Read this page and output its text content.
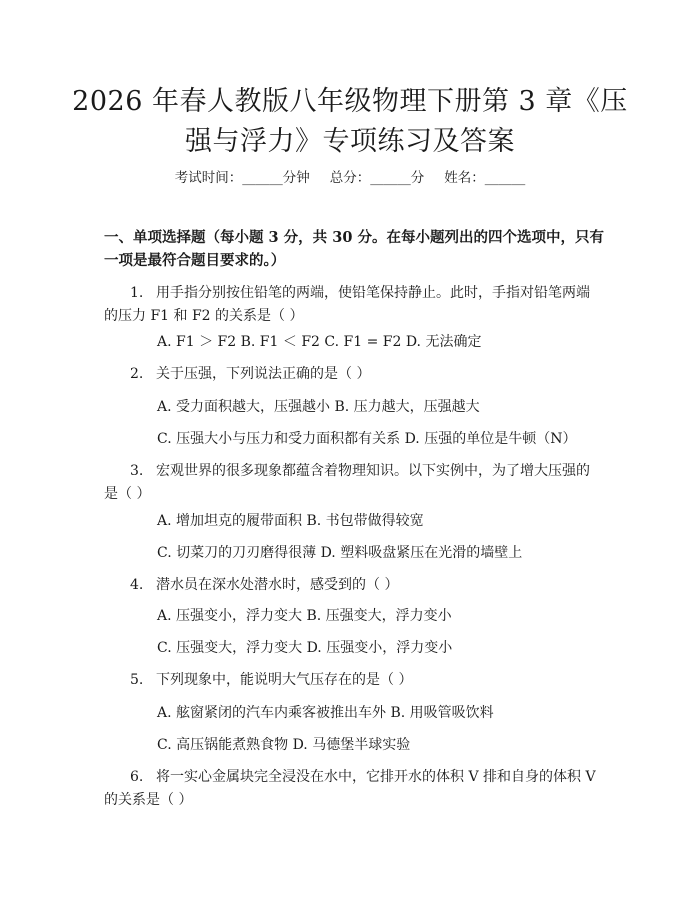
2026 年春人教版八年级物理下册第 3 章《压
强与浮力》专项练习及答案
考试时间：______分钟 总分：______分 姓名：______
一、单项选择题（每小题 3 分，共 30 分。在每小题列出的四个选项中，只有一项是最符合题目要求的。）
1. 用手指分别按住铅笔的两端，使铅笔保持静止。此时，手指对铅笔两端的压力 F1 和 F2 的关系是（ ）
A. F1 ＞ F2 B. F1 ＜ F2 C. F1 = F2 D. 无法确定
2. 关于压强，下列说法正确的是（ ）
A. 受力面积越大，压强越小 B. 压力越大，压强越大
C. 压强大小与压力和受力面积都有关系 D. 压强的单位是牛顿（N）
3. 宏观世界的很多现象都蕴含着物理知识。以下实例中，为了增大压强的是（ ）
A. 增加坦克的履带面积 B. 书包带做得较宽
C. 切菜刀的刀刃磨得很薄 D. 塑料吸盘紧压在光滑的墙壁上
4. 潜水员在深水处潜水时，感受到的（ ）
A. 压强变小，浮力变大 B. 压强变大，浮力变小
C. 压强变大，浮力变大 D. 压强变小，浮力变小
5. 下列现象中，能说明大气压存在的是（ ）
A. 舷窗紧闭的汽车内乘客被推出车外 B. 用吸管吸饮料
C. 高压锅能煮熟食物 D. 马德堡半球实验
6. 将一实心金属块完全浸没在水中，它排开水的体积 V 排和自身的体积 V 的关系是（ ）
